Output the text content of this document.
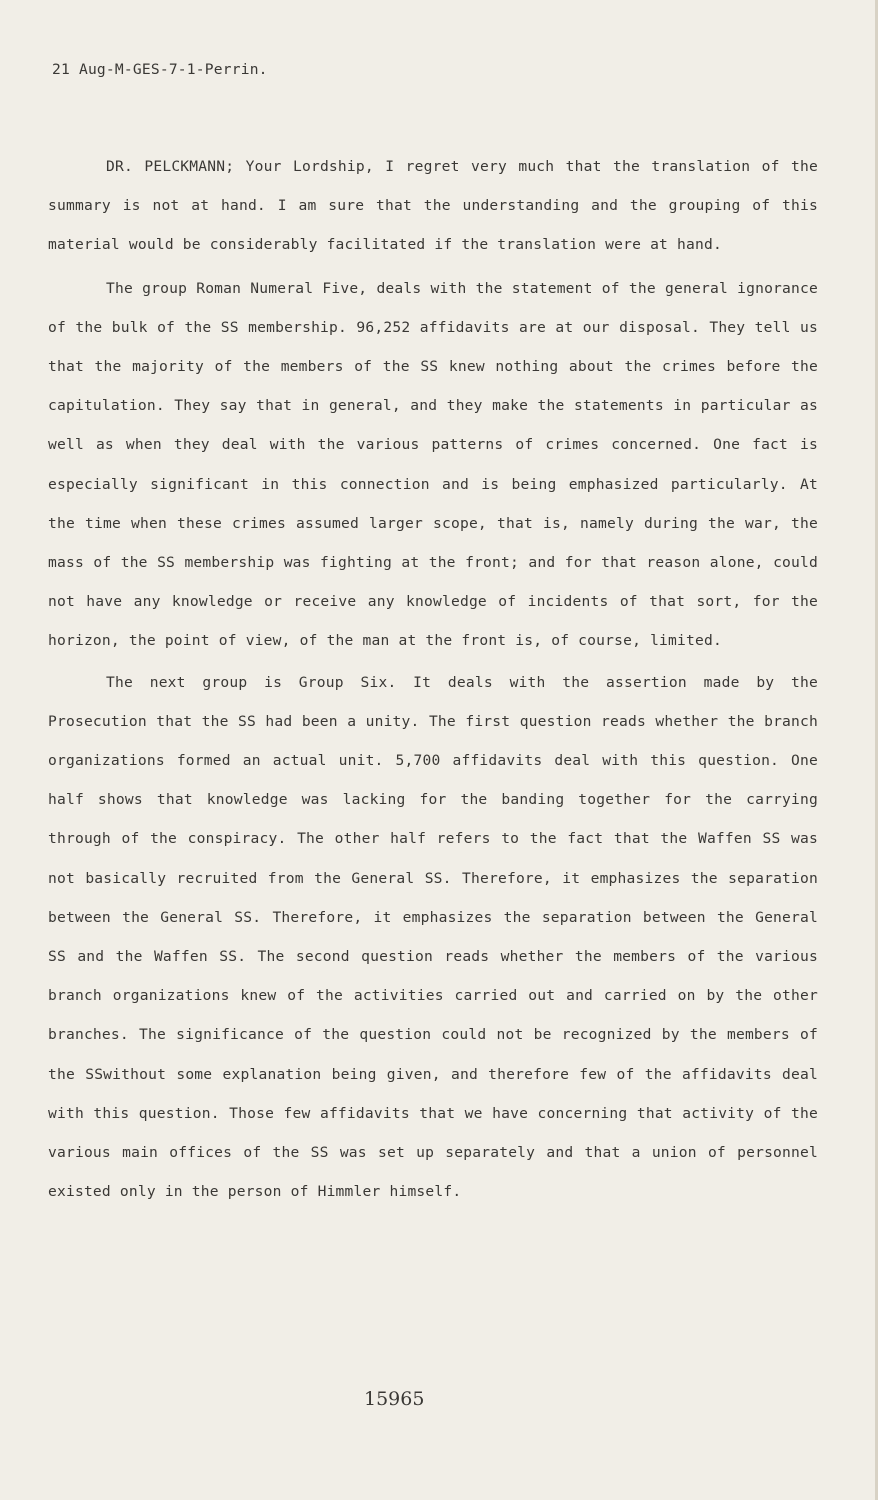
21 Aug-M-GES-7-1-Perrin.

DR. PELCKMANN; Your Lordship, I regret very much that the translation of the summary is not at hand. I am sure that the understanding and the grouping of this material would be considerably facilitated if the translation were at hand.

The group Roman Numeral Five, deals with the statement of the general ignorance of the bulk of the SS membership. 96,252 affidavits are at our disposal. They tell us that the majority of the members of the SS knew nothing about the crimes before the capitulation. They say that in general, and they make the statements in particular as well as when they deal with the various patterns of crimes concerned. One fact is especially significant in this connection and is being emphasized particularly. At the time when these crimes assumed larger scope, that is, namely during the war, the mass of the SS membership was fighting at the front; and for that reason alone, could not have any knowledge or receive any knowledge of incidents of that sort, for the horizon, the point of view, of the man at the front is, of course, limited.

The next group is Group Six. It deals with the assertion made by the Prosecution that the SS had been a unity. The first question reads whether the branch organizations formed an actual unit. 5,700 affidavits deal with this question. One half shows that knowledge was lacking for the banding together for the carrying through of the conspiracy. The other half refers to the fact that the Waffen SS was not basically recruited from the General SS. Therefore, it emphasizes the separation between the General SS. Therefore, it emphasizes the separation between the General SS and the Waffen SS. The second question reads whether the members of the various branch organizations knew of the activities carried out and carried on by the other branches. The significance of the question could not be recognized by the members of the SSwithout some explanation being given, and therefore few of the affidavits deal with this question. Those few affidavits that we have concerning that activity of the various main offices of the SS was set up separately and that a union of personnel existed only in the person of Himmler himself.

15965
